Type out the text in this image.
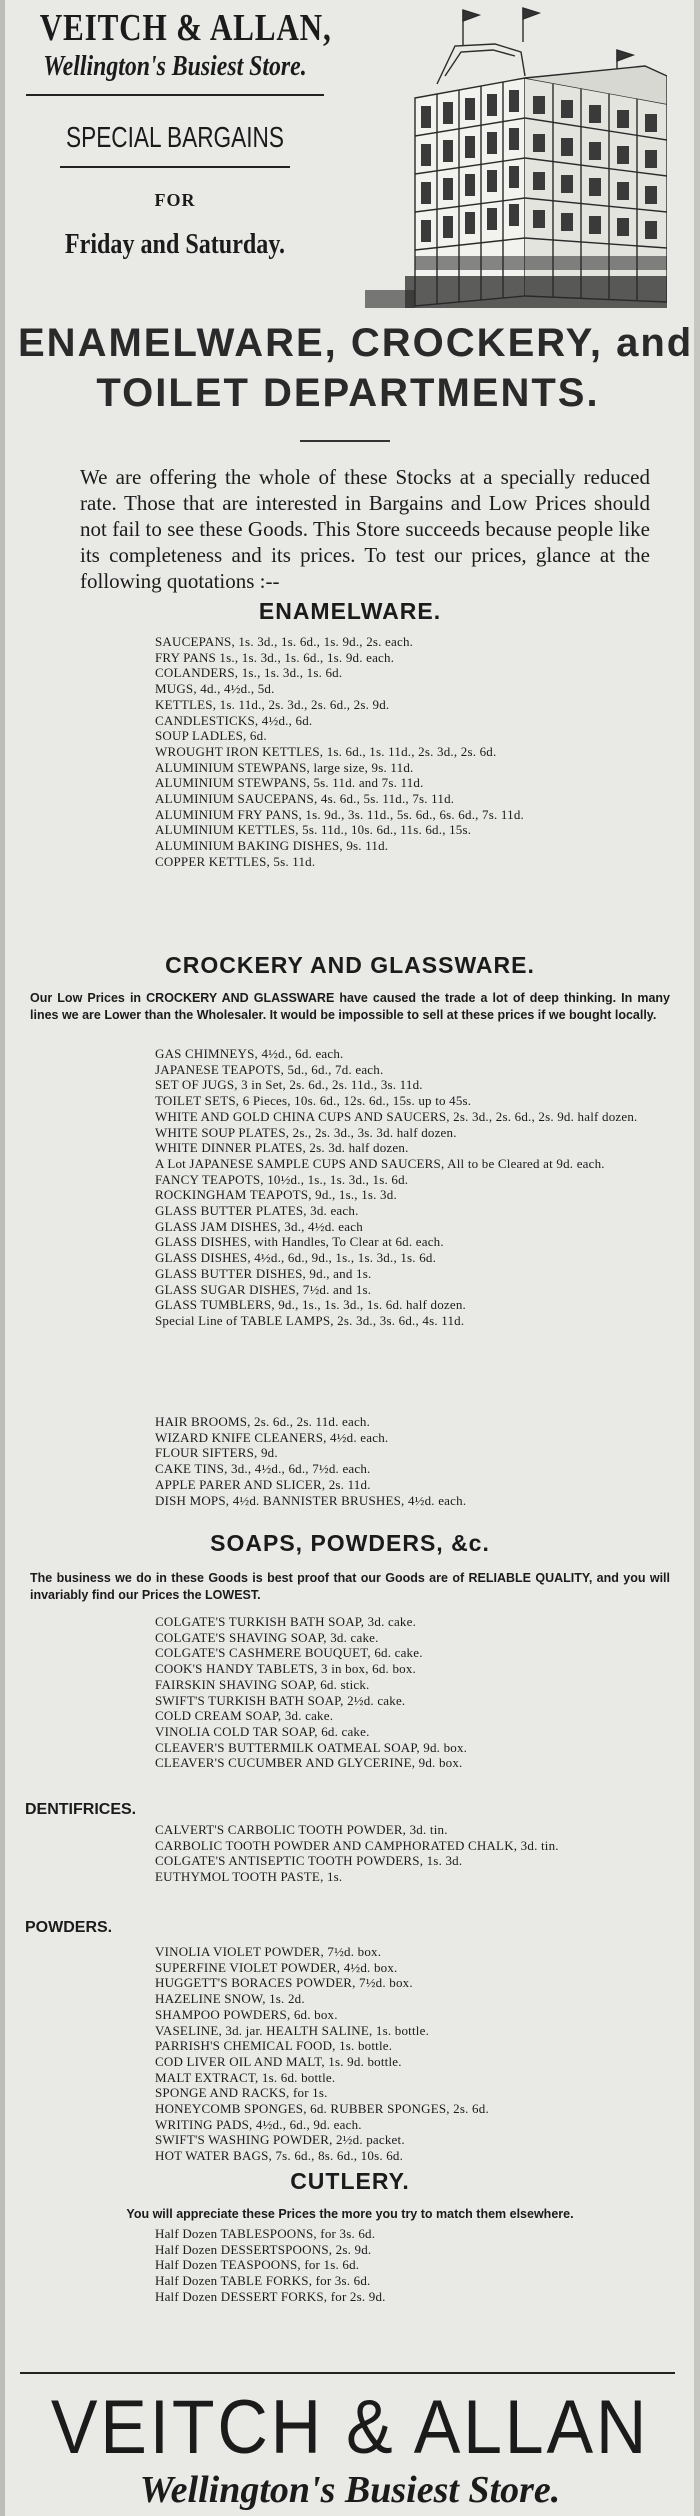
VEITCH & ALLAN,
Wellington's Busiest Store.
SPECIAL BARGAINS
FOR
Friday and Saturday.
ENAMELWARE, CROCKERY, and
TOILET DEPARTMENTS.
We are offering the whole of these Stocks at a specially reduced rate. Those that are interested in Bargains and Low Prices should not fail to see these Goods. This Store succeeds because people like its completeness and its prices. To test our prices, glance at the following quotations :--
ENAMELWARE.
SAUCEPANS, 1s. 3d., 1s. 6d., 1s. 9d., 2s. each.
FRY PANS 1s., 1s. 3d., 1s. 6d., 1s. 9d. each.
COLANDERS, 1s., 1s. 3d., 1s. 6d.
MUGS, 4d., 4½d., 5d.
KETTLES, 1s. 11d., 2s. 3d., 2s. 6d., 2s. 9d.
CANDLESTICKS, 4½d., 6d.
SOUP LADLES, 6d.
WROUGHT IRON KETTLES, 1s. 6d., 1s. 11d., 2s. 3d., 2s. 6d.
ALUMINIUM STEWPANS, large size, 9s. 11d.
ALUMINIUM STEWPANS, 5s. 11d. and 7s. 11d.
ALUMINIUM SAUCEPANS, 4s. 6d., 5s. 11d., 7s. 11d.
ALUMINIUM FRY PANS, 1s. 9d., 3s. 11d., 5s. 6d., 6s. 6d., 7s. 11d.
ALUMINIUM KETTLES, 5s. 11d., 10s. 6d., 11s. 6d., 15s.
ALUMINIUM BAKING DISHES, 9s. 11d.
COPPER KETTLES, 5s. 11d.
CROCKERY AND GLASSWARE.
Our Low Prices in CROCKERY AND GLASSWARE have caused the trade a lot of deep thinking. In many lines we are Lower than the Wholesaler. It would be impossible to sell at these prices if we bought locally.
GAS CHIMNEYS, 4½d., 6d. each.
JAPANESE TEAPOTS, 5d., 6d., 7d. each.
SET OF JUGS, 3 in Set, 2s. 6d., 2s. 11d., 3s. 11d.
TOILET SETS, 6 Pieces, 10s. 6d., 12s. 6d., 15s. up to 45s.
WHITE AND GOLD CHINA CUPS AND SAUCERS, 2s. 3d., 2s. 6d., 2s. 9d. half dozen.
WHITE SOUP PLATES, 2s., 2s. 3d., 3s. 3d. half dozen.
WHITE DINNER PLATES, 2s. 3d. half dozen.
A Lot JAPANESE SAMPLE CUPS AND SAUCERS, All to be Cleared at 9d. each.
FANCY TEAPOTS, 10½d., 1s., 1s. 3d., 1s. 6d.
ROCKINGHAM TEAPOTS, 9d., 1s., 1s. 3d.
GLASS BUTTER PLATES, 3d. each.
GLASS JAM DISHES, 3d., 4½d. each
GLASS DISHES, with Handles, To Clear at 6d. each.
GLASS DISHES, 4½d., 6d., 9d., 1s., 1s. 3d., 1s. 6d.
GLASS BUTTER DISHES, 9d., and 1s.
GLASS SUGAR DISHES, 7½d. and 1s.
GLASS TUMBLERS, 9d., 1s., 1s. 3d., 1s. 6d. half dozen.
Special Line of TABLE LAMPS, 2s. 3d., 3s. 6d., 4s. 11d.
HAIR BROOMS, 2s. 6d., 2s. 11d. each.
WIZARD KNIFE CLEANERS, 4½d. each.
FLOUR SIFTERS, 9d.
CAKE TINS, 3d., 4½d., 6d., 7½d. each.
APPLE PARER AND SLICER, 2s. 11d.
DISH MOPS, 4½d. BANNISTER BRUSHES, 4½d. each.
SOAPS, POWDERS, &c.
The business we do in these Goods is best proof that our Goods are of RELIABLE QUALITY, and you will invariably find our Prices the LOWEST.
COLGATE'S TURKISH BATH SOAP, 3d. cake.
COLGATE'S SHAVING SOAP, 3d. cake.
COLGATE'S CASHMERE BOUQUET, 6d. cake.
COOK'S HANDY TABLETS, 3 in box, 6d. box.
FAIRSKIN SHAVING SOAP, 6d. stick.
SWIFT'S TURKISH BATH SOAP, 2½d. cake.
COLD CREAM SOAP, 3d. cake.
VINOLIA COLD TAR SOAP, 6d. cake.
CLEAVER'S BUTTERMILK OATMEAL SOAP, 9d. box.
CLEAVER'S CUCUMBER AND GLYCERINE, 9d. box.
DENTIFRICES.
CALVERT'S CARBOLIC TOOTH POWDER, 3d. tin.
CARBOLIC TOOTH POWDER AND CAMPHORATED CHALK, 3d. tin.
COLGATE'S ANTISEPTIC TOOTH POWDERS, 1s. 3d.
EUTHYMOL TOOTH PASTE, 1s.
POWDERS.
VINOLIA VIOLET POWDER, 7½d. box.
SUPERFINE VIOLET POWDER, 4½d. box.
HUGGETT'S BORACES POWDER, 7½d. box.
HAZELINE SNOW, 1s. 2d.
SHAMPOO POWDERS, 6d. box.
VASELINE, 3d. jar. HEALTH SALINE, 1s. bottle.
PARRISH'S CHEMICAL FOOD, 1s. bottle.
COD LIVER OIL AND MALT, 1s. 9d. bottle.
MALT EXTRACT, 1s. 6d. bottle.
SPONGE AND RACKS, for 1s.
HONEYCOMB SPONGES, 6d. RUBBER SPONGES, 2s. 6d.
WRITING PADS, 4½d., 6d., 9d. each.
SWIFT'S WASHING POWDER, 2½d. packet.
HOT WATER BAGS, 7s. 6d., 8s. 6d., 10s. 6d.
CUTLERY.
You will appreciate these Prices the more you try to match them elsewhere.
Half Dozen TABLESPOONS, for 3s. 6d.
Half Dozen DESSERTSPOONS, 2s. 9d.
Half Dozen TEASPOONS, for 1s. 6d.
Half Dozen TABLE FORKS, for 3s. 6d.
Half Dozen DESSERT FORKS, for 2s. 9d.
VEITCH & ALLAN
Wellington's Busiest Store.
